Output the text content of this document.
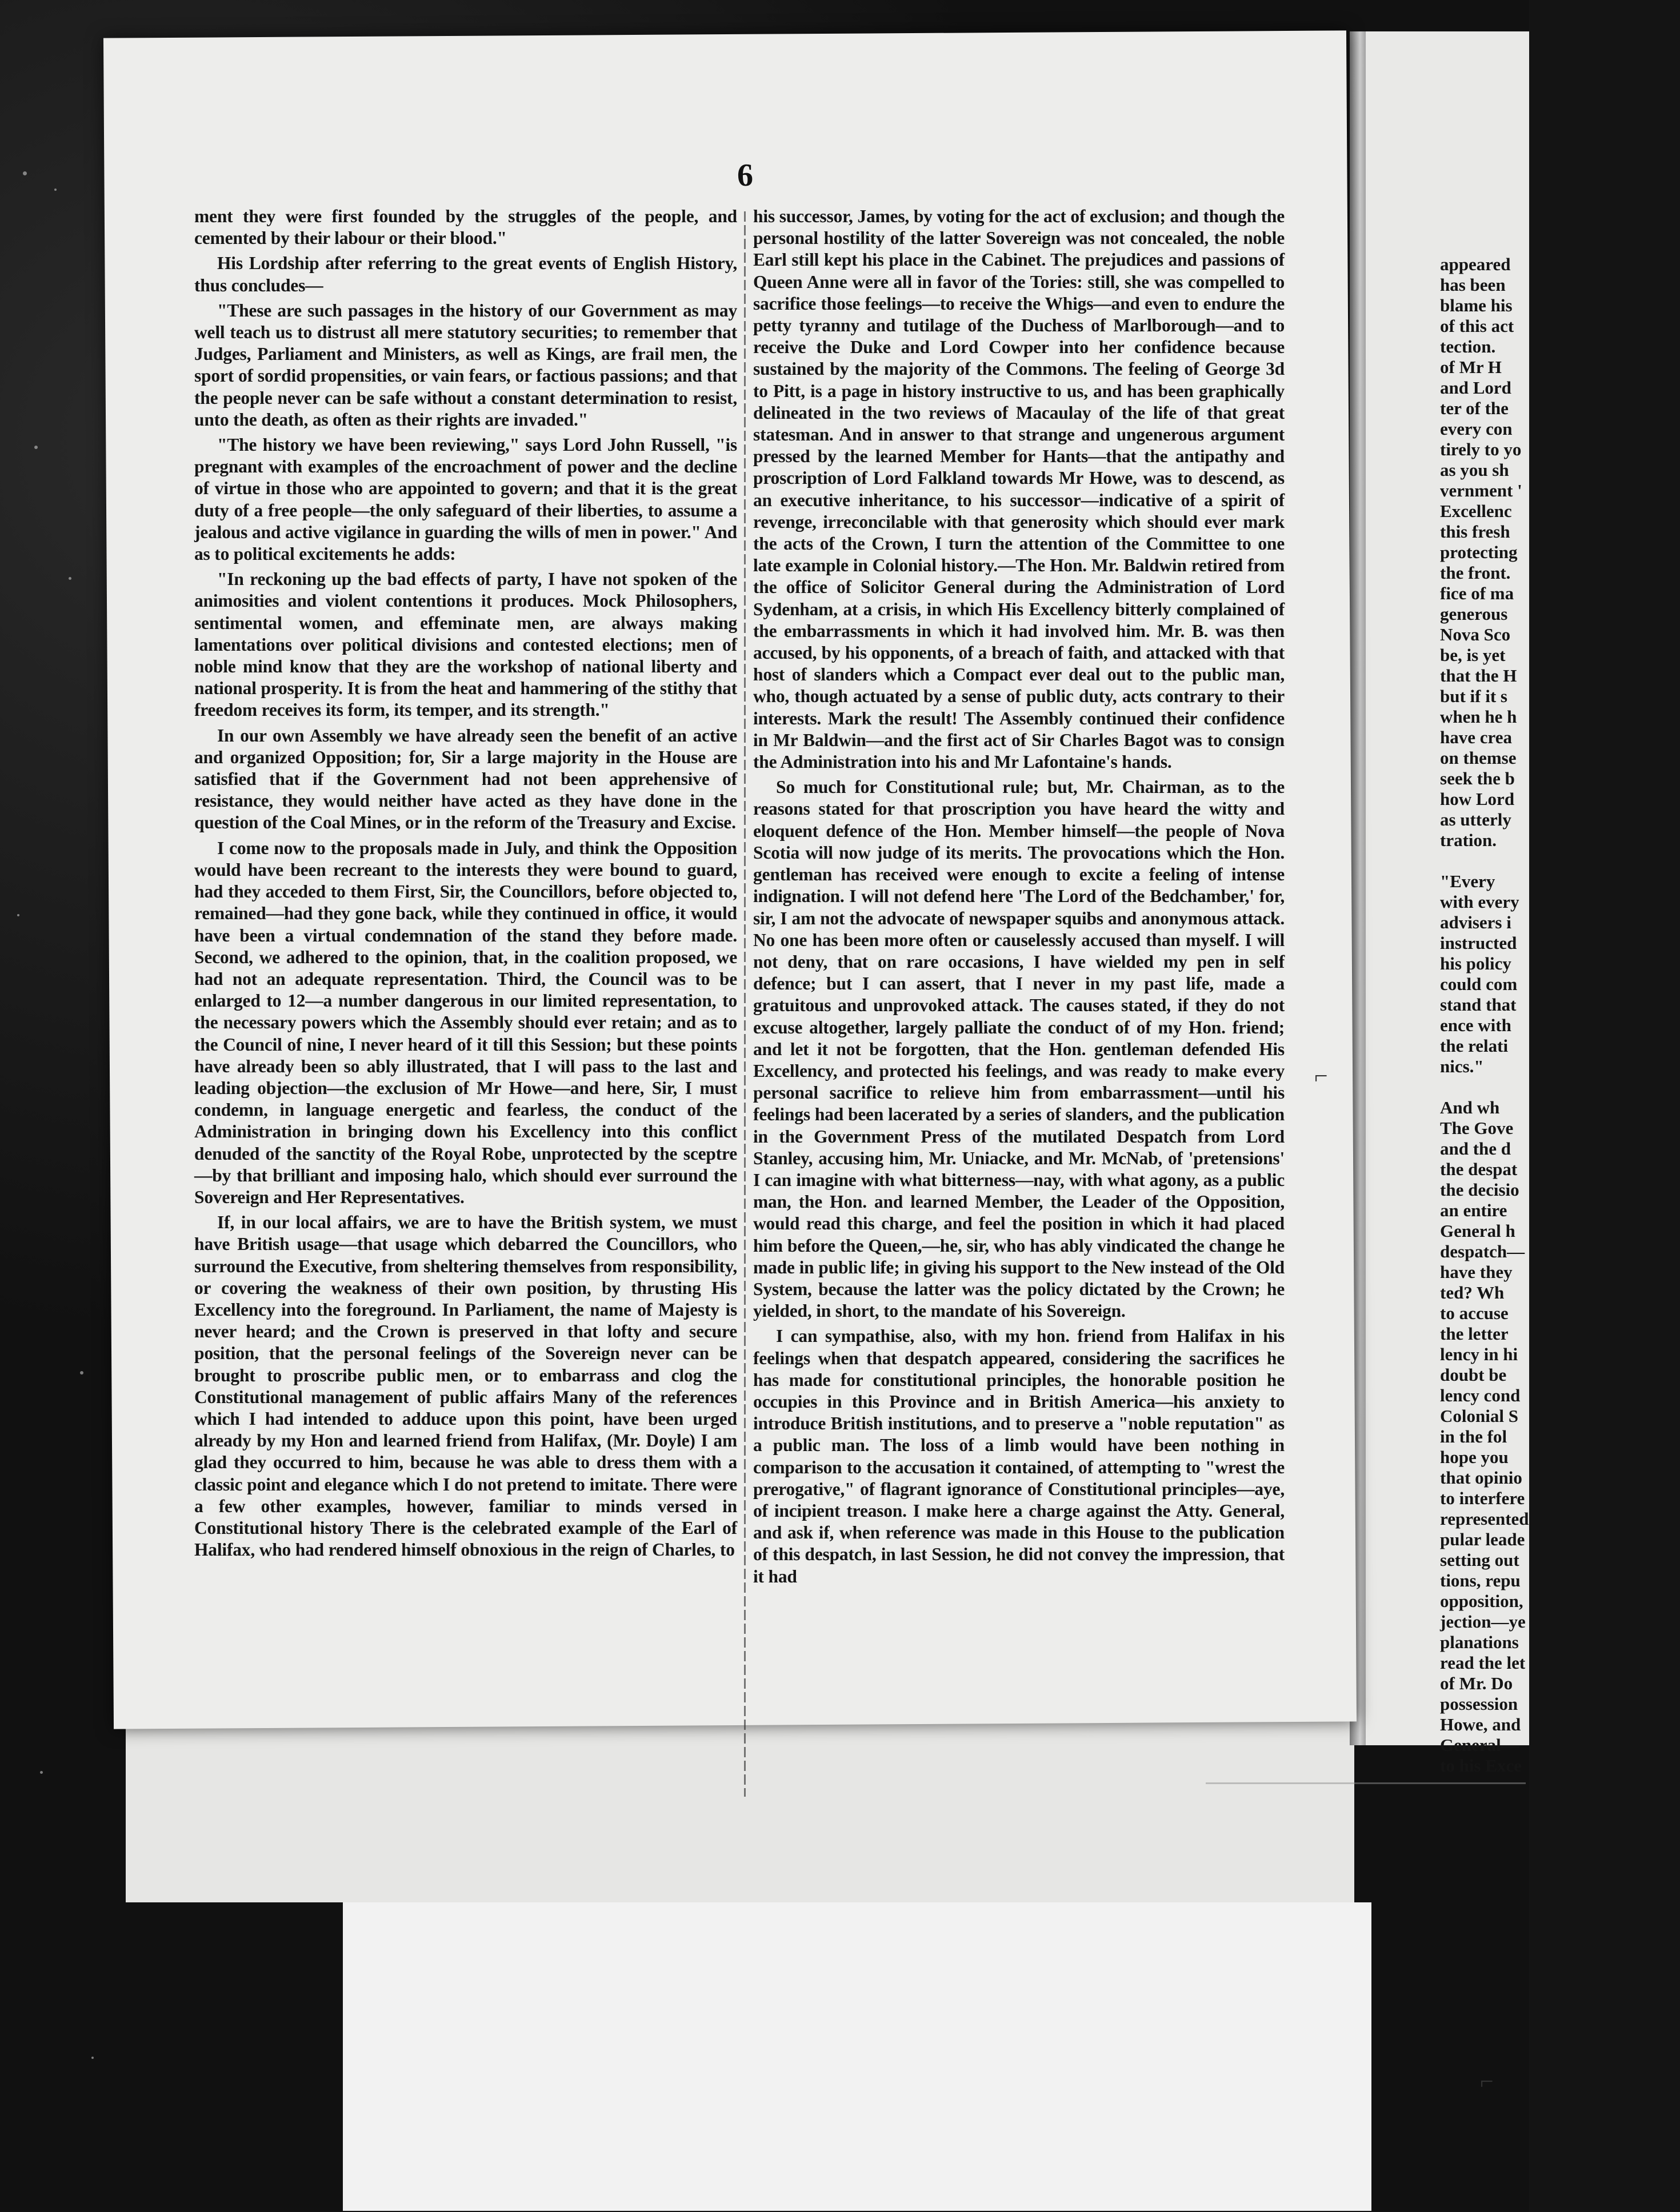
appeared
has been
blame his
of this act
tection.
of Mr H
and Lord
ter of the
every con
tirely to yo
as you sh
vernment '
Excellenc
this fresh
protecting
the front.
fice of ma
generous
Nova Sco
be, is yet
that the H
but if it s
when he h
have crea
on themse
seek the b
how Lord
as utterly
tration.

"Every
with every
advisers i
instructed
his policy
could com
stand that
ence with
the relati
nics."

And wh
The Gove
and the d
the despat
the decisio
an entire
General h
despatch—
have they
ted? Wh
to accuse
the letter
lency in hi
doubt be
lency cond
Colonial S
in the fol
hope you
that opinio
to interfere
represented
pular leade
setting out
tions, repu
opposition,
jection—ye
planations
read the let
of Mr. Do
possession
Howe, and
General—
to his Exce
6

ment they were first founded by the struggles of the people, and cemented by their labour or their blood."

His Lordship after referring to the great events of English History, thus concludes—

"These are such passages in the history of our Government as may well teach us to distrust all mere statutory securities; to remember that Judges, Parliament and Ministers, as well as Kings, are frail men, the sport of sordid propensities, or vain fears, or factious passions; and that the people never can be safe without a constant determination to resist, unto the death, as often as their rights are invaded."

"The history we have been reviewing," says Lord John Russell, "is pregnant with examples of the encroachment of power and the decline of virtue in those who are appointed to govern; and that it is the great duty of a free people—the only safeguard of their liberties, to assume a jealous and active vigilance in guarding the wills of men in power." And as to political excitements he adds:

"In reckoning up the bad effects of party, I have not spoken of the animosities and violent contentions it produces. Mock Philosophers, sentimental women, and effeminate men, are always making lamentations over political divisions and contested elections; men of noble mind know that they are the workshop of national liberty and national prosperity. It is from the heat and hammering of the stithy that freedom receives its form, its temper, and its strength."

In our own Assembly we have already seen the benefit of an active and organized Opposition; for, Sir a large majority in the House are satisfied that if the Government had not been apprehensive of resistance, they would neither have acted as they have done in the question of the Coal Mines, or in the reform of the Treasury and Excise.

I come now to the proposals made in July, and think the Opposition would have been recreant to the interests they were bound to guard, had they acceded to them First, Sir, the Councillors, before objected to, remained—had they gone back, while they continued in office, it would have been a virtual condemnation of the stand they before made. Second, we adhered to the opinion, that, in the coalition proposed, we had not an adequate representation. Third, the Council was to be enlarged to 12—a number dangerous in our limited representation, to the necessary powers which the Assembly should ever retain; and as to the Council of nine, I never heard of it till this Session; but these points have already been so ably illustrated, that I will pass to the last and leading objection—the exclusion of Mr Howe—and here, Sir, I must condemn, in language energetic and fearless, the conduct of the Administration in bringing down his Excellency into this conflict denuded of the sanctity of the Royal Robe, unprotected by the sceptre—by that brilliant and imposing halo, which should ever surround the Sovereign and Her Representatives.

If, in our local affairs, we are to have the British system, we must have British usage—that usage which debarred the Councillors, who surround the Executive, from sheltering themselves from responsibility, or covering the weakness of their own position, by thrusting His Excellency into the foreground. In Parliament, the name of Majesty is never heard; and the Crown is preserved in that lofty and secure position, that the personal feelings of the Sovereign never can be brought to proscribe public men, or to embarrass and clog the Constitutional management of public affairs Many of the references which I had intended to adduce upon this point, have been urged already by my Hon and learned friend from Halifax, (Mr. Doyle) I am glad they occurred to him, because he was able to dress them with a classic point and elegance which I do not pretend to imitate. There were a few other examples, however, familiar to minds versed in Constitutional history There is the celebrated example of the Earl of Halifax, who had rendered himself obnoxious in the reign of Charles, to

his successor, James, by voting for the act of exclusion; and though the personal hostility of the latter Sovereign was not concealed, the noble Earl still kept his place in the Cabinet. The prejudices and passions of Queen Anne were all in favor of the Tories: still, she was compelled to sacrifice those feelings—to receive the Whigs—and even to endure the petty tyranny and tutilage of the Duchess of Marlborough—and to receive the Duke and Lord Cowper into her confidence because sustained by the majority of the Commons. The feeling of George 3d to Pitt, is a page in history instructive to us, and has been graphically delineated in the two reviews of Macaulay of the life of that great statesman. And in answer to that strange and ungenerous argument pressed by the learned Member for Hants—that the antipathy and proscription of Lord Falkland towards Mr Howe, was to descend, as an executive inheritance, to his successor—indicative of a spirit of revenge, irreconcilable with that generosity which should ever mark the acts of the Crown, I turn the attention of the Committee to one late example in Colonial history.—The Hon. Mr. Baldwin retired from the office of Solicitor General during the Administration of Lord Sydenham, at a crisis, in which His Excellency bitterly complained of the embarrassments in which it had involved him. Mr. B. was then accused, by his opponents, of a breach of faith, and attacked with that host of slanders which a Compact ever deal out to the public man, who, though actuated by a sense of public duty, acts contrary to their interests. Mark the result! The Assembly continued their confidence in Mr Baldwin—and the first act of Sir Charles Bagot was to consign the Administration into his and Mr Lafontaine's hands.

So much for Constitutional rule; but, Mr. Chairman, as to the reasons stated for that proscription you have heard the witty and eloquent defence of the Hon. Member himself—the people of Nova Scotia will now judge of its merits. The provocations which the Hon. gentleman has received were enough to excite a feeling of intense indignation. I will not defend here 'The Lord of the Bedchamber,' for, sir, I am not the advocate of newspaper squibs and anonymous attack. No one has been more often or causelessly accused than myself. I will not deny, that on rare occasions, I have wielded my pen in self defence; but I can assert, that I never in my past life, made a gratuitous and unprovoked attack. The causes stated, if they do not excuse altogether, largely palliate the conduct of of my Hon. friend; and let it not be forgotten, that the Hon. gentleman defended His Excellency, and protected his feelings, and was ready to make every personal sacrifice to relieve him from embarrassment—until his feelings had been lacerated by a series of slanders, and the publication in the Government Press of the mutilated Despatch from Lord Stanley, accusing him, Mr. Uniacke, and Mr. McNab, of 'pretensions' I can imagine with what bitterness—nay, with what agony, as a public man, the Hon. and learned Member, the Leader of the Opposition, would read this charge, and feel the position in which it had placed him before the Queen,—he, sir, who has ably vindicated the change he made in public life; in giving his support to the New instead of the Old System, because the latter was the policy dictated by the Crown; he yielded, in short, to the mandate of his Sovereign.

I can sympathise, also, with my hon. friend from Halifax in his feelings when that despatch appeared, considering the sacrifices he has made for constitutional principles, the honorable position he occupies in this Province and in British America—his anxiety to introduce British institutions, and to preserve a "noble reputation" as a public man. The loss of a limb would have been nothing in comparison to the accusation it contained, of attempting to "wrest the prerogative," of flagrant ignorance of Constitutional principles—aye, of incipient treason. I make here a charge against the Atty. General, and ask if, when reference was made in this House to the publication of this despatch, in last Session, he did not convey the impression, that it had

⌐
⌐
